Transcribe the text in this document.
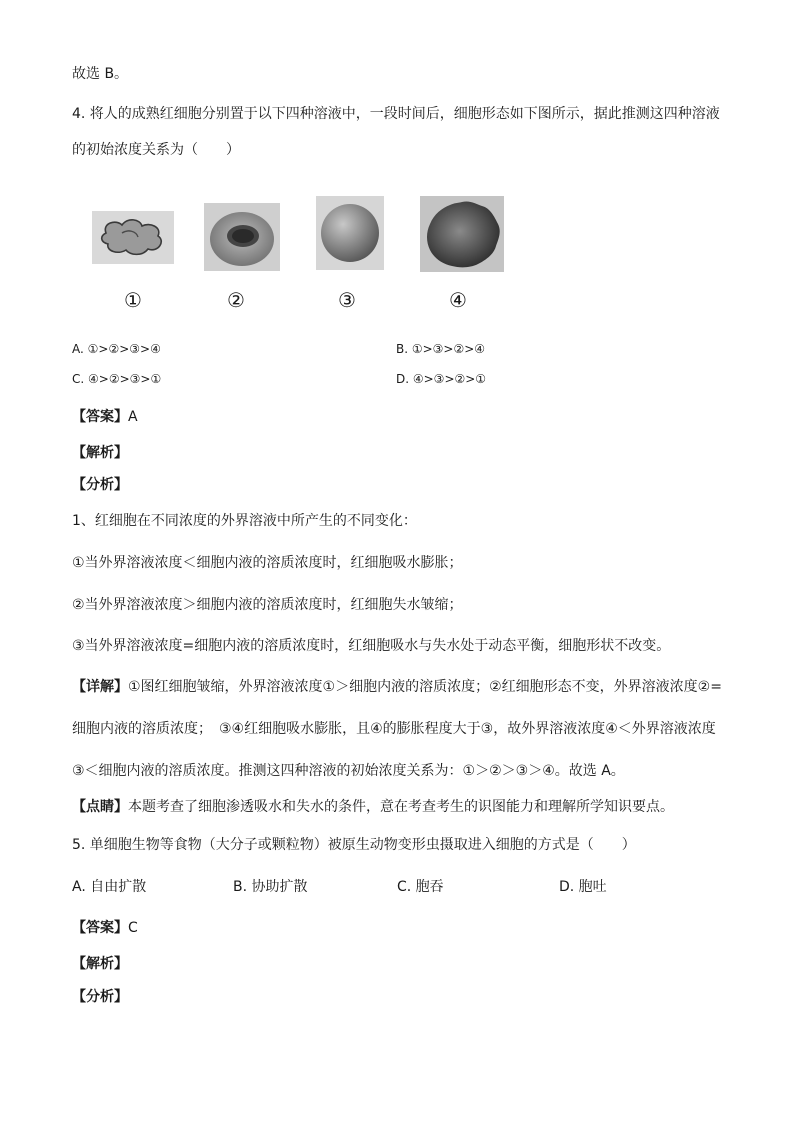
故选 B。
4. 将人的成熟红细胞分别置于以下四种溶液中，一段时间后，细胞形态如下图所示，据此推测这四种溶液
的初始浓度关系为（　　）
①	②	③	④
A. ①>②>③>④	B. ①>③>②>④
C. ④>②>③>①	D. ④>③>②>①
【答案】A
【解析】
【分析】
1、红细胞在不同浓度的外界溶液中所产生的不同变化：
①当外界溶液浓度＜细胞内液的溶质浓度时，红细胞吸水膨胀；
②当外界溶液浓度＞细胞内液的溶质浓度时，红细胞失水皱缩；
③当外界溶液浓度=细胞内液的溶质浓度时，红细胞吸水与失水处于动态平衡，细胞形状不改变。
【详解】①图红细胞皱缩，外界溶液浓度①＞细胞内液的溶质浓度；②红细胞形态不变，外界溶液浓度②=
细胞内液的溶质浓度；　③④红细胞吸水膨胀，且④的膨胀程度大于③，故外界溶液浓度④＜外界溶液浓度
③＜细胞内液的溶质浓度。推测这四种溶液的初始浓度关系为：①＞②＞③＞④。故选 A。
【点睛】本题考查了细胞渗透吸水和失水的条件，意在考查考生的识图能力和理解所学知识要点。
5. 单细胞生物等食物（大分子或颗粒物）被原生动物变形虫摄取进入细胞的方式是（　　）
A. 自由扩散	B. 协助扩散	C. 胞吞	D. 胞吐
【答案】C
【解析】
【分析】
